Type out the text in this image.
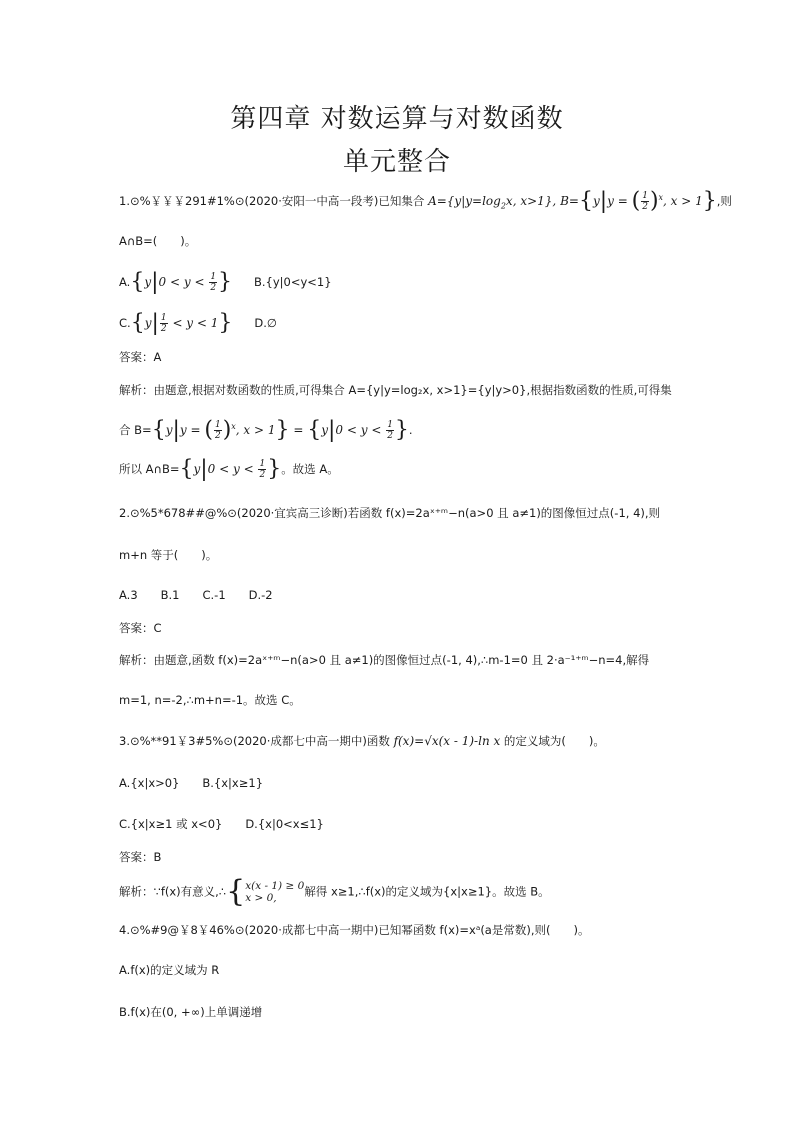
第四章 对数运算与对数函数
单元整合
1.⊙%￥￥￥291#1%⊙(2020·安阳一中高一段考)已知集合 $A=\{y|y=\log_2x$, x>1}, B={y|y = ( $\frac{1}{2} )^x$, x > 1},则
A∩B=(　　)。
$A.\{y|0 < y < \frac{1}{2}$ } B.{y|0<y<1}
$C.\{y| \frac{1}{2} < y < 1\}$ D.∅
答案：A
解析：由题意,根据对数函数的性质,可得集合 A={y|y=log₂x, x>1}={y|y>0},根据指数函数的性质,可得集
合 B={y|y = ( $\frac{1}{2} )^x$, $x > 1\} = \{y|0 < y < \frac{1}{2}$ }.
所以 A∩B={y|0 < $y < \frac{1}{2}$ }。故选 A。
2.⊙%5*678##@%⊙(2020·宜宾高三诊断)若函数 f(x)=2aˣ⁺ᵐ−n(a>0 且 a≠1)的图像恒过点(-1, 4),则
m+n 等于(　　)。
A.3　　B.1　　C.-1　　D.-2
答案：C
解析：由题意,函数 f(x)=2aˣ⁺ᵐ−n(a>0 且 a≠1)的图像恒过点(-1, 4),∴m-1=0 且 2·a⁻¹⁺ᵐ−n=4,解得
m=1, n=-2,∴m+n=-1。故选 C。
3.⊙%**91￥3#5%⊙(2020·成都七中高一期中)函数 f(x)=√x(x - 1)-ln x 的定义域为(　　)。
A.{x|x>0}　　B.{x|x≥1}
C.{x|x≥1 或 x<0}　　D.{x|0<x≤1}
答案：B
解析：∵f(x)有意义,∴{x(x - 1) ≥ 0
x > 0, 解得 x≥1,∴f(x)的定义域为{x|x≥1}。故选 B。
4.⊙%#9@￥8￥46%⊙(2020·成都七中高一期中)已知幂函数 f(x)=xᵃ(a是常数),则(　　)。
A.f(x)的定义域为 R
B.f(x)在(0, +∞)上单调递增
